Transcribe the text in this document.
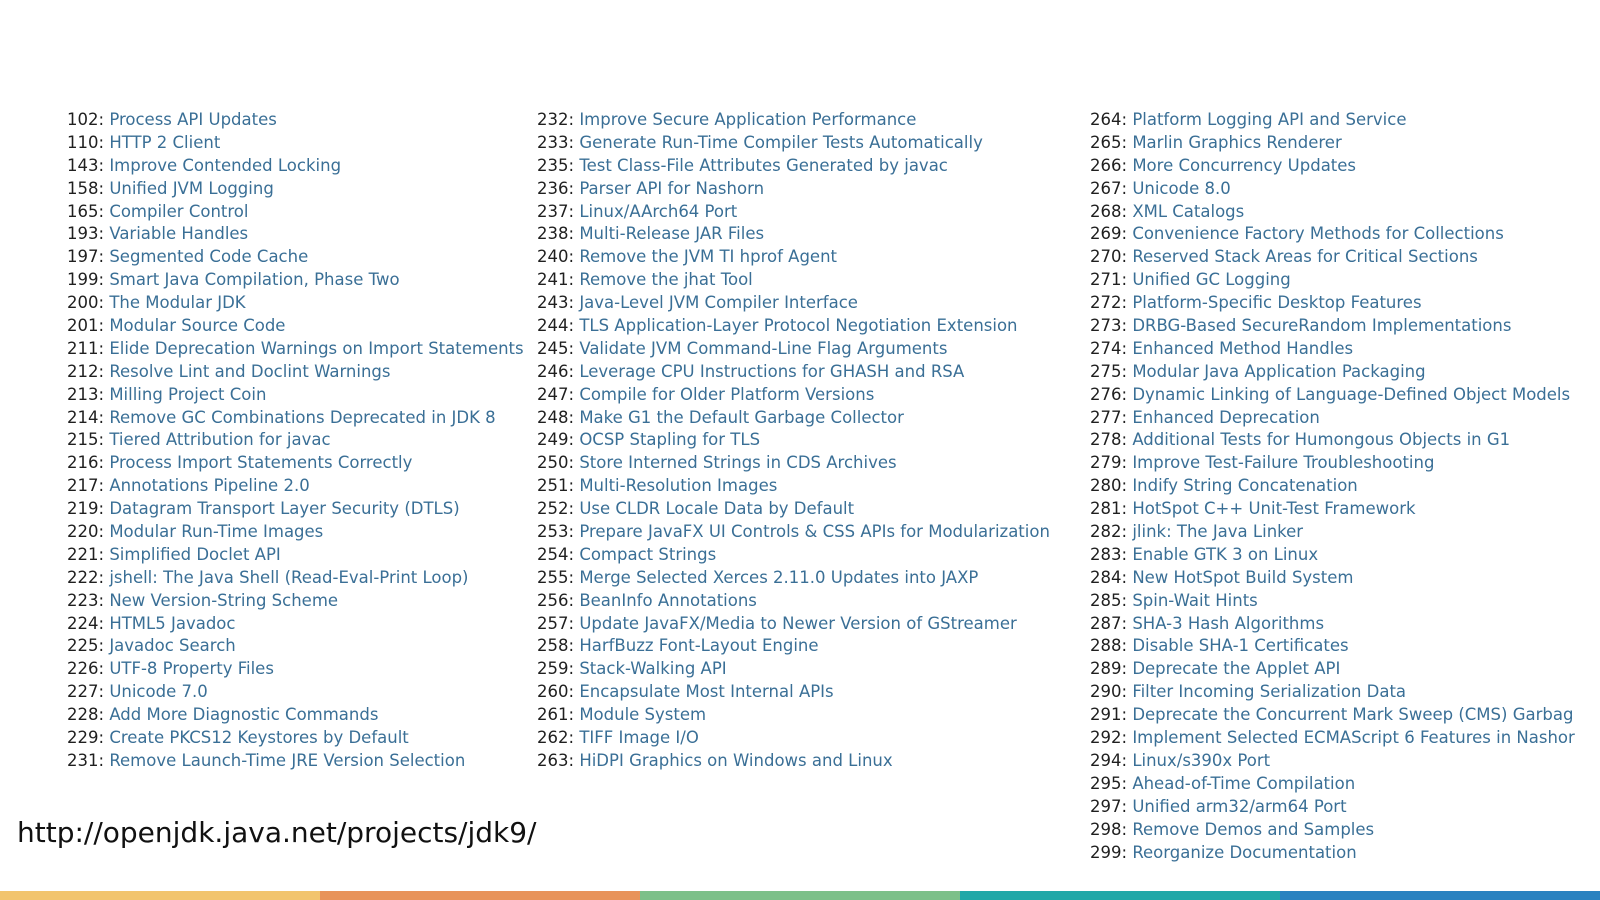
102: Process API Updates
110: HTTP 2 Client
143: Improve Contended Locking
158: Unified JVM Logging
165: Compiler Control
193: Variable Handles
197: Segmented Code Cache
199: Smart Java Compilation, Phase Two
200: The Modular JDK
201: Modular Source Code
211: Elide Deprecation Warnings on Import Statements
212: Resolve Lint and Doclint Warnings
213: Milling Project Coin
214: Remove GC Combinations Deprecated in JDK 8
215: Tiered Attribution for javac
216: Process Import Statements Correctly
217: Annotations Pipeline 2.0
219: Datagram Transport Layer Security (DTLS)
220: Modular Run-Time Images
221: Simplified Doclet API
222: jshell: The Java Shell (Read-Eval-Print Loop)
223: New Version-String Scheme
224: HTML5 Javadoc
225: Javadoc Search
226: UTF-8 Property Files
227: Unicode 7.0
228: Add More Diagnostic Commands
229: Create PKCS12 Keystores by Default
231: Remove Launch-Time JRE Version Selection
232: Improve Secure Application Performance
233: Generate Run-Time Compiler Tests Automatically
235: Test Class-File Attributes Generated by javac
236: Parser API for Nashorn
237: Linux/AArch64 Port
238: Multi-Release JAR Files
240: Remove the JVM TI hprof Agent
241: Remove the jhat Tool
243: Java-Level JVM Compiler Interface
244: TLS Application-Layer Protocol Negotiation Extension
245: Validate JVM Command-Line Flag Arguments
246: Leverage CPU Instructions for GHASH and RSA
247: Compile for Older Platform Versions
248: Make G1 the Default Garbage Collector
249: OCSP Stapling for TLS
250: Store Interned Strings in CDS Archives
251: Multi-Resolution Images
252: Use CLDR Locale Data by Default
253: Prepare JavaFX UI Controls & CSS APIs for Modularization
254: Compact Strings
255: Merge Selected Xerces 2.11.0 Updates into JAXP
256: BeanInfo Annotations
257: Update JavaFX/Media to Newer Version of GStreamer
258: HarfBuzz Font-Layout Engine
259: Stack-Walking API
260: Encapsulate Most Internal APIs
261: Module System
262: TIFF Image I/O
263: HiDPI Graphics on Windows and Linux
264: Platform Logging API and Service
265: Marlin Graphics Renderer
266: More Concurrency Updates
267: Unicode 8.0
268: XML Catalogs
269: Convenience Factory Methods for Collections
270: Reserved Stack Areas for Critical Sections
271: Unified GC Logging
272: Platform-Specific Desktop Features
273: DRBG-Based SecureRandom Implementations
274: Enhanced Method Handles
275: Modular Java Application Packaging
276: Dynamic Linking of Language-Defined Object Models
277: Enhanced Deprecation
278: Additional Tests for Humongous Objects in G1
279: Improve Test-Failure Troubleshooting
280: Indify String Concatenation
281: HotSpot C++ Unit-Test Framework
282: jlink: The Java Linker
283: Enable GTK 3 on Linux
284: New HotSpot Build System
285: Spin-Wait Hints
287: SHA-3 Hash Algorithms
288: Disable SHA-1 Certificates
289: Deprecate the Applet API
290: Filter Incoming Serialization Data
291: Deprecate the Concurrent Mark Sweep (CMS) Garbag
292: Implement Selected ECMAScript 6 Features in Nashor
294: Linux/s390x Port
295: Ahead-of-Time Compilation
297: Unified arm32/arm64 Port
298: Remove Demos and Samples
299: Reorganize Documentation
http://openjdk.java.net/projects/jdk9/
